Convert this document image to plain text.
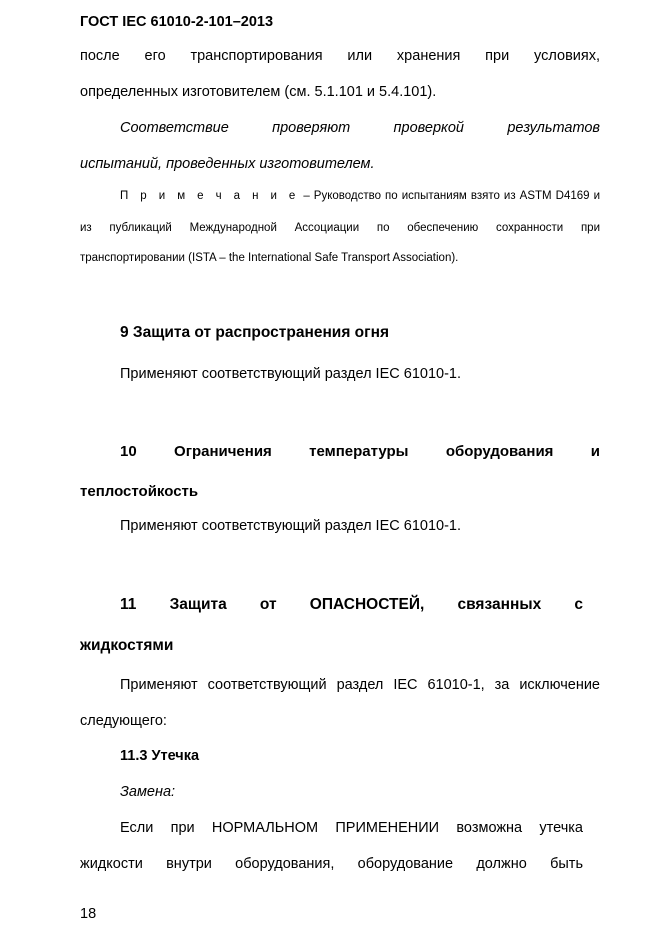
ГОСТ IEC 61010-2-101–2013
после его транспортирования или хранения при условиях,
определенных изготовителем (см. 5.1.101 и 5.4.101).
Соответствие проверяют проверкой результатов
испытаний, проведенных изготовителем.
П р и м е ч а н и е – Руководство по испытаниям взято из ASTM D4169 и
из публикаций Международной Ассоциации по обеспечению сохранности при
транспортировании (ISTA – the International Safe Transport Association).
9 Защита от распространения огня
Применяют соответствующий раздел IEC 61010-1.
10 Ограничения температуры оборудования и
теплостойкость
Применяют соответствующий раздел IEC 61010-1.
11 Защита от ОПАСНОСТЕЙ, связанных с
жидкостями
Применяют соответствующий раздел IEC 61010-1, за исключение
следующего:
11.3 Утечка
Замена:
Если при НОРМАЛЬНОМ ПРИМЕНЕНИИ возможна утечка
жидкости внутри оборудования, оборудование должно быть
18
